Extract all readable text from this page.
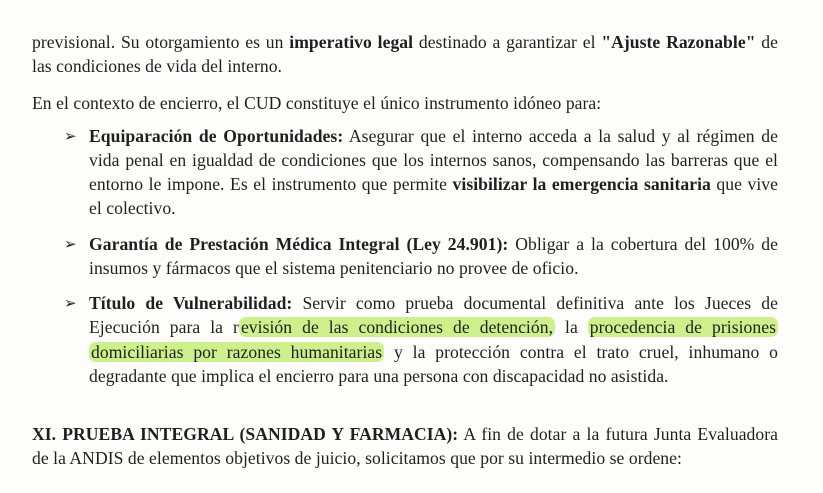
previsional. Su otorgamiento es un imperativo legal destinado a garantizar el "Ajuste Razonable" de
las condiciones de vida del interno.
En el contexto de encierro, el CUD constituye el único instrumento idóneo para:
➢ Equiparación de Oportunidades: Asegurar que el interno acceda a la salud y al régimen de
vida penal en igualdad de condiciones que los internos sanos, compensando las barreras que el
entorno le impone. Es el instrumento que permite visibilizar la emergencia sanitaria que vive
el colectivo.
➢ Garantía de Prestación Médica Integral (Ley 24.901): Obligar a la cobertura del 100% de
insumos y fármacos que el sistema penitenciario no provee de oficio.
➢ Título de Vulnerabilidad: Servir como prueba documental definitiva ante los Jueces de
Ejecución para la r evisión de las condiciones de detención, la procedencia de prisiones
domiciliarias por razones humanitarias y la protección contra el trato cruel, inhumano o
degradante que implica el encierro para una persona con discapacidad no asistida.
XI. PRUEBA INTEGRAL (SANIDAD Y FARMACIA): A fin de dotar a la futura Junta Evaluadora
de la ANDIS de elementos objetivos de juicio, solicitamos que por su intermedio se ordene:
